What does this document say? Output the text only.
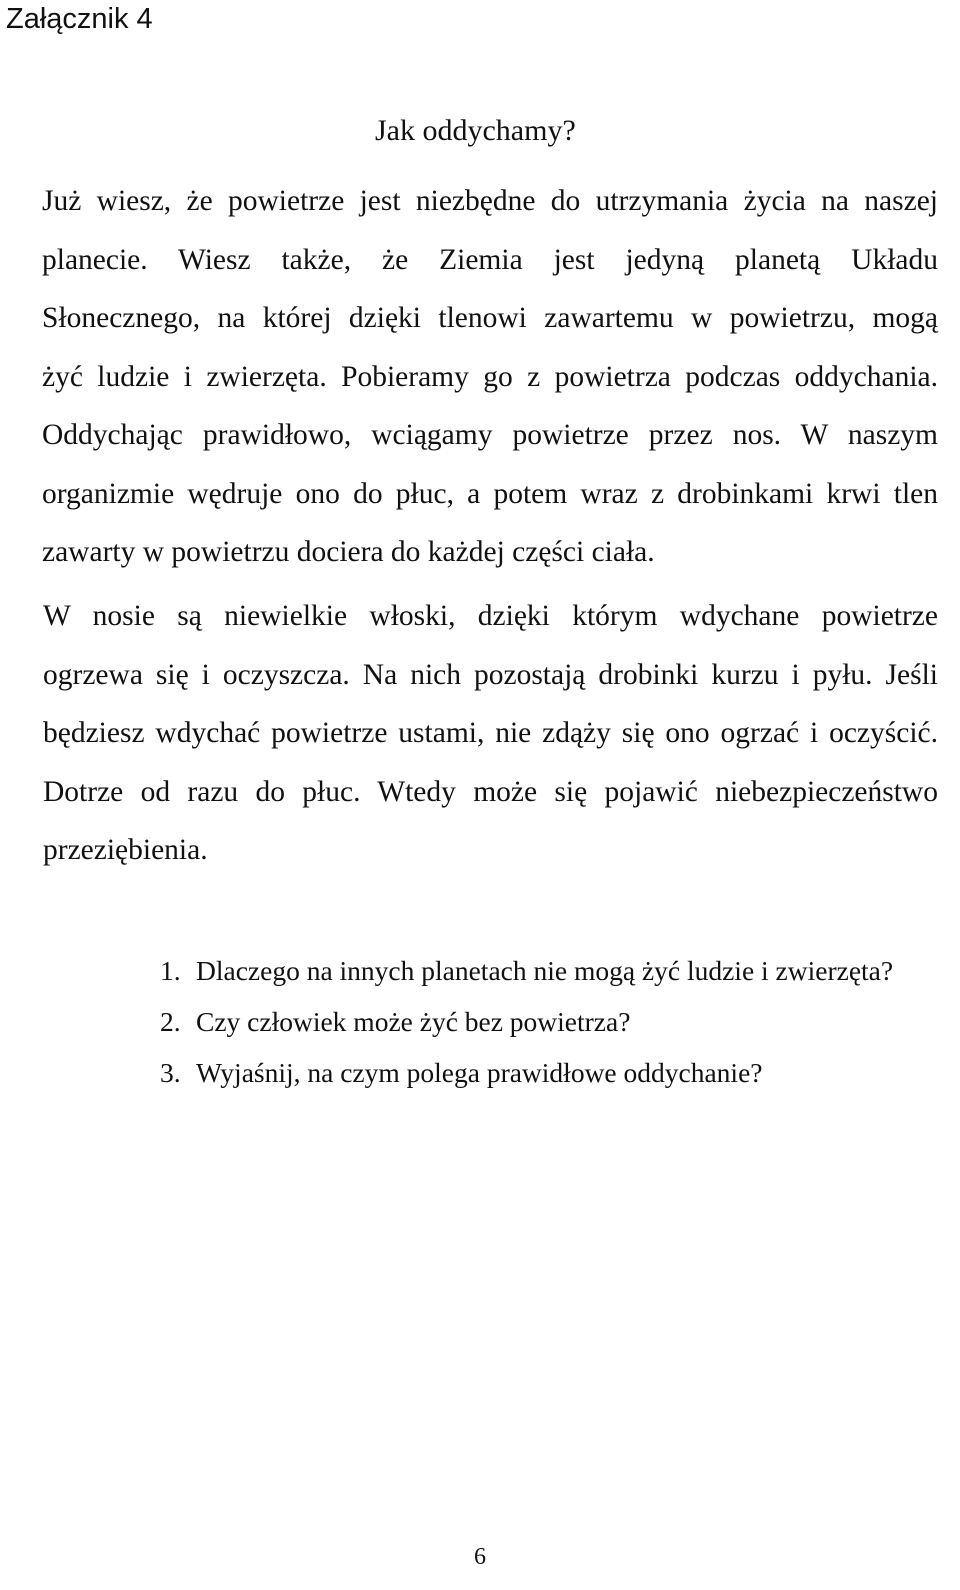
Załącznik 4
Jak oddychamy?

Już wiesz, że powietrze jest niezbędne do utrzymania życia na naszej
planecie. Wiesz także, że Ziemia jest jedyną planetą Układu
Słonecznego, na której dzięki tlenowi zawartemu w powietrzu, mogą
żyć ludzie i zwierzęta. Pobieramy go z powietrza podczas oddychania.
Oddychając prawidłowo, wciągamy powietrze przez nos. W naszym
organizmie wędruje ono do płuc, a potem wraz z drobinkami krwi tlen
zawarty w powietrzu dociera do każdej części ciała.

W nosie są niewielkie włoski, dzięki którym wdychane powietrze
ogrzewa się i oczyszcza. Na nich pozostają drobinki kurzu i pyłu. Jeśli
będziesz wdychać powietrze ustami, nie zdąży się ono ogrzać i oczyścić.
Dotrze od razu do płuc. Wtedy może się pojawić niebezpieczeństwo
przeziębienia.

1. Dlaczego na innych planetach nie mogą żyć ludzie i zwierzęta?
2. Czy człowiek może żyć bez powietrza?
3. Wyjaśnij, na czym polega prawidłowe oddychanie?
6
